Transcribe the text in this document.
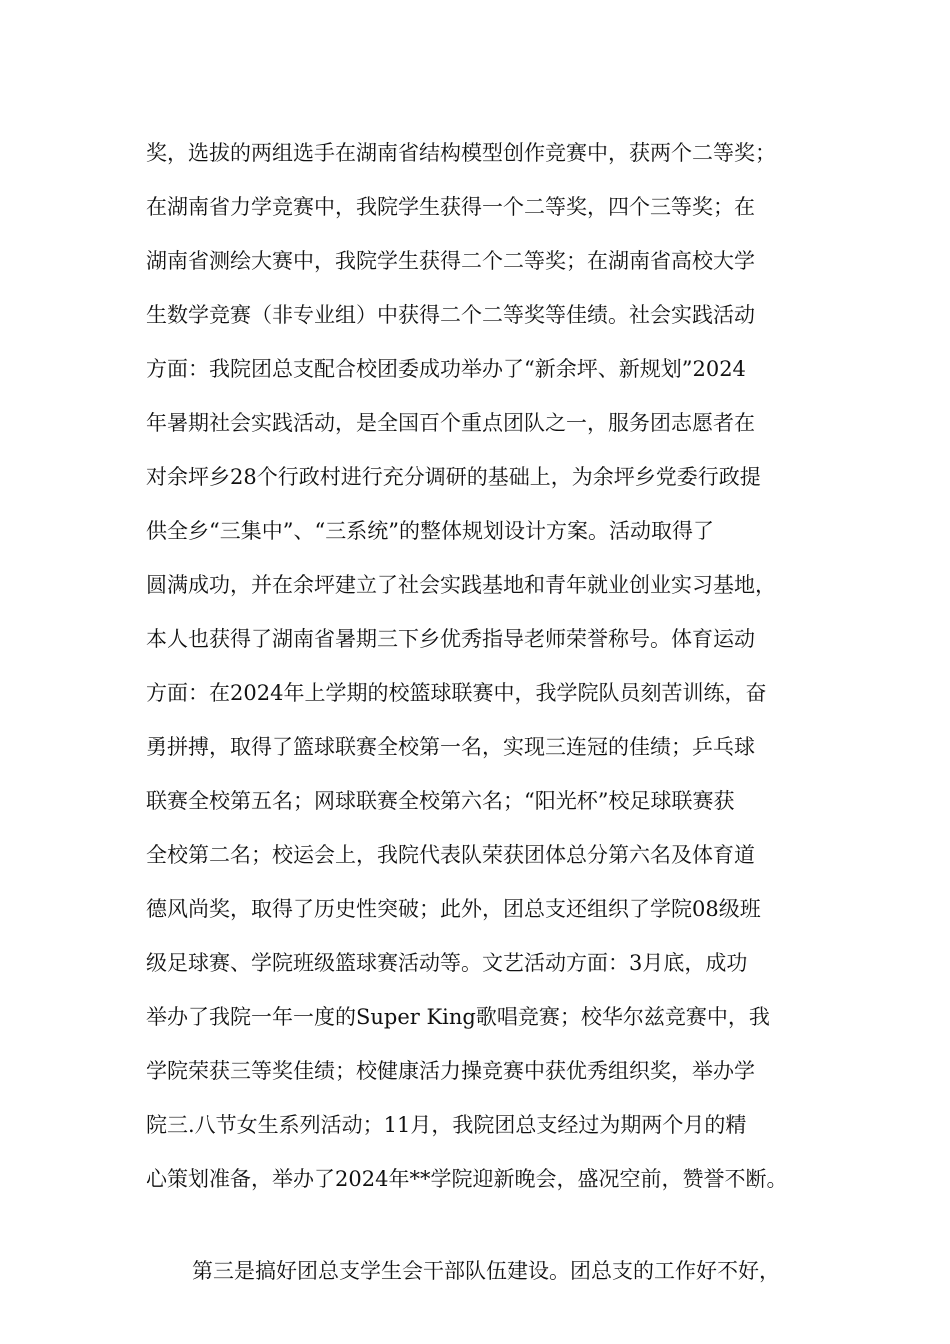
奖，选拔的两组选手在湖南省结构模型创作竞赛中，获两个二等奖；
在湖南省力学竞赛中，我院学生获得一个二等奖，四个三等奖；在
湖南省测绘大赛中，我院学生获得二个二等奖；在湖南省高校大学
生数学竞赛（非专业组）中获得二个二等奖等佳绩。社会实践活动
方面：我院团总支配合校团委成功举办了“新余坪、新规划”2024
年暑期社会实践活动，是全国百个重点团队之一，服务团志愿者在
对余坪乡28个行政村进行充分调研的基础上，为余坪乡党委行政提
供全乡“三集中”、“三系统”的整体规划设计方案。活动取得了
圆满成功，并在余坪建立了社会实践基地和青年就业创业实习基地，
本人也获得了湖南省暑期三下乡优秀指导老师荣誉称号。体育运动
方面：在2024年上学期的校篮球联赛中，我学院队员刻苦训练，奋
勇拼搏，取得了篮球联赛全校第一名，实现三连冠的佳绩；乒乓球
联赛全校第五名；网球联赛全校第六名；“阳光杯”校足球联赛获
全校第二名；校运会上，我院代表队荣获团体总分第六名及体育道
德风尚奖，取得了历史性突破；此外，团总支还组织了学院08级班
级足球赛、学院班级篮球赛活动等。文艺活动方面：3月底，成功
举办了我院一年一度的Super King歌唱竞赛；校华尔兹竞赛中，我
学院荣获三等奖佳绩；校健康活力操竞赛中获优秀组织奖，举办学
院三.八节女生系列活动；11月，我院团总支经过为期两个月的精
心策划准备，举办了2024年**学院迎新晚会，盛况空前，赞誉不断。
第三是搞好团总支学生会干部队伍建设。团总支的工作好不好，
